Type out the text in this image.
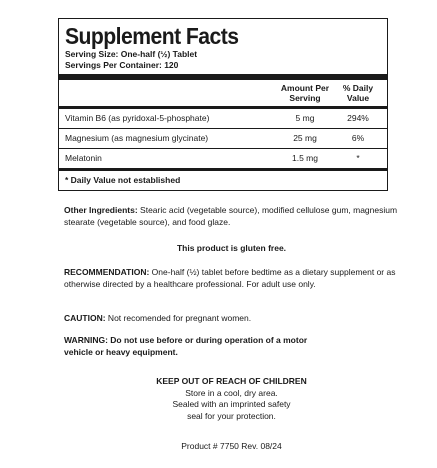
Supplement Facts
Serving Size: One-half (½) Tablet
Servings Per Container: 120
Amount Per
Serving
% Daily
Value
Vitamin B6 (as pyridoxal-5-phosphate)	5 mg	294%
Magnesium (as magnesium glycinate)	25 mg	6%
Melatonin	1.5 mg	*
* Daily Value not established
Other Ingredients: Stearic acid (vegetable source), modified cellulose gum, magnesium stearate (vegetable source), and food glaze.
This product is gluten free.
RECOMMENDATION: One-half (½) tablet before bedtime as a dietary supplement or as otherwise directed by a healthcare professional. For adult use only.
CAUTION: Not recomended for pregnant women.
WARNING: Do not use before or during operation of a motor vehicle or heavy equipment.
KEEP OUT OF REACH OF CHILDREN
Store in a cool, dry area.
Sealed with an imprinted safety
seal for your protection.
Product # 7750 Rev. 08/24
